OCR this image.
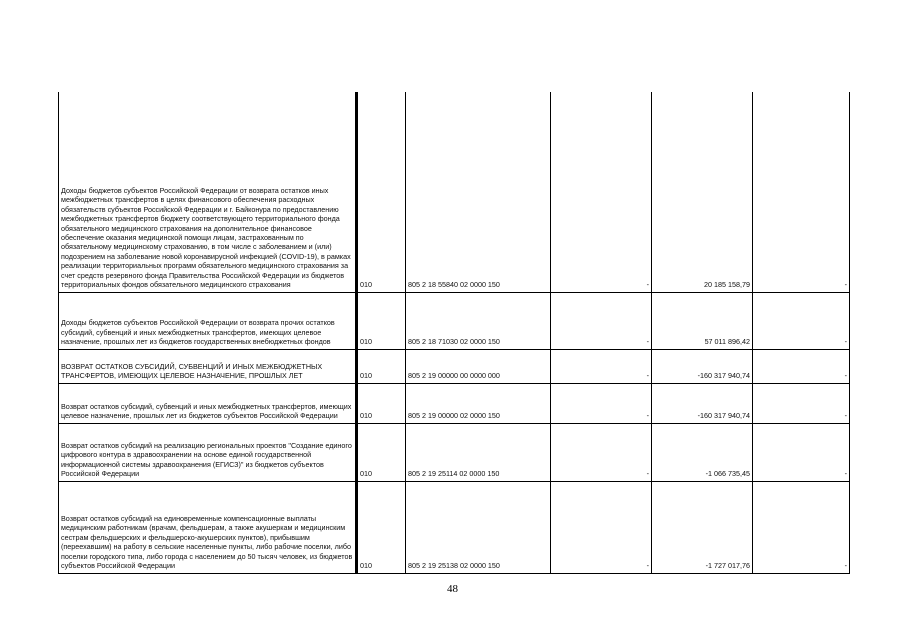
Доходы бюджетов субъектов Российской Федерации от возврата остатков иных межбюджетных трансфертов в целях финансового обеспечения расходных обязательств субъектов Российской Федерации и г. Байконура по предоставлению межбюджетных трансфертов бюджету соответствующего территориального фонда обязательного медицинского страхования на дополнительное финансовое обеспечение оказания медицинской помощи лицам, застрахованным по обязательному медицинскому страхованию, в том числе с заболеванием и (или) подозрением на заболевание новой коронавирусной инфекцией (COVID-19), в рамках реализации территориальных программ обязательного медицинского страхования за счет средств резервного фонда Правительства Российской Федерации из бюджетов территориальных фондов обязательного медицинского страхования	010	805 2 18 55840 02 0000 150	-	20 185 158,79	-

Доходы бюджетов субъектов Российской Федерации от возврата прочих остатков субсидий, субвенций и иных межбюджетных трансфертов, имеющих целевое назначение, прошлых лет из бюджетов государственных внебюджетных фондов	010	805 2 18 71030 02 0000 150	-	57 011 896,42	-

ВОЗВРАТ ОСТАТКОВ СУБСИДИЙ, СУБВЕНЦИЙ И ИНЫХ МЕЖБЮДЖЕТНЫХ ТРАНСФЕРТОВ, ИМЕЮЩИХ ЦЕЛЕВОЕ НАЗНАЧЕНИЕ, ПРОШЛЫХ ЛЕТ	010	805 2 19 00000 00 0000 000	-	-160 317 940,74	-

Возврат остатков субсидий, субвенций и иных межбюджетных трансфертов, имеющих целевое назначение, прошлых лет из бюджетов субъектов Российской Федерации	010	805 2 19 00000 02 0000 150	-	-160 317 940,74	-

Возврат остатков субсидий на реализацию региональных проектов "Создание единого цифрового контура в здравоохранении на основе единой государственной информационной системы здравоохранения (ЕГИСЗ)" из бюджетов субъектов Российской Федерации	010	805 2 19 25114 02 0000 150	-	-1 066 735,45	-

Возврат остатков субсидий на единовременные компенсационные выплаты медицинским работникам (врачам, фельдшерам, а также акушеркам и медицинским сестрам фельдшерских и фельдшерско-акушерских пунктов), прибывшим (переехавшим) на работу в сельские населенные пункты, либо рабочие поселки, либо поселки городского типа, либо города с населением до 50 тысяч человек, из бюджетов субъектов Российской Федерации	010	805 2 19 25138 02 0000 150	-	-1 727 017,76	-
48
